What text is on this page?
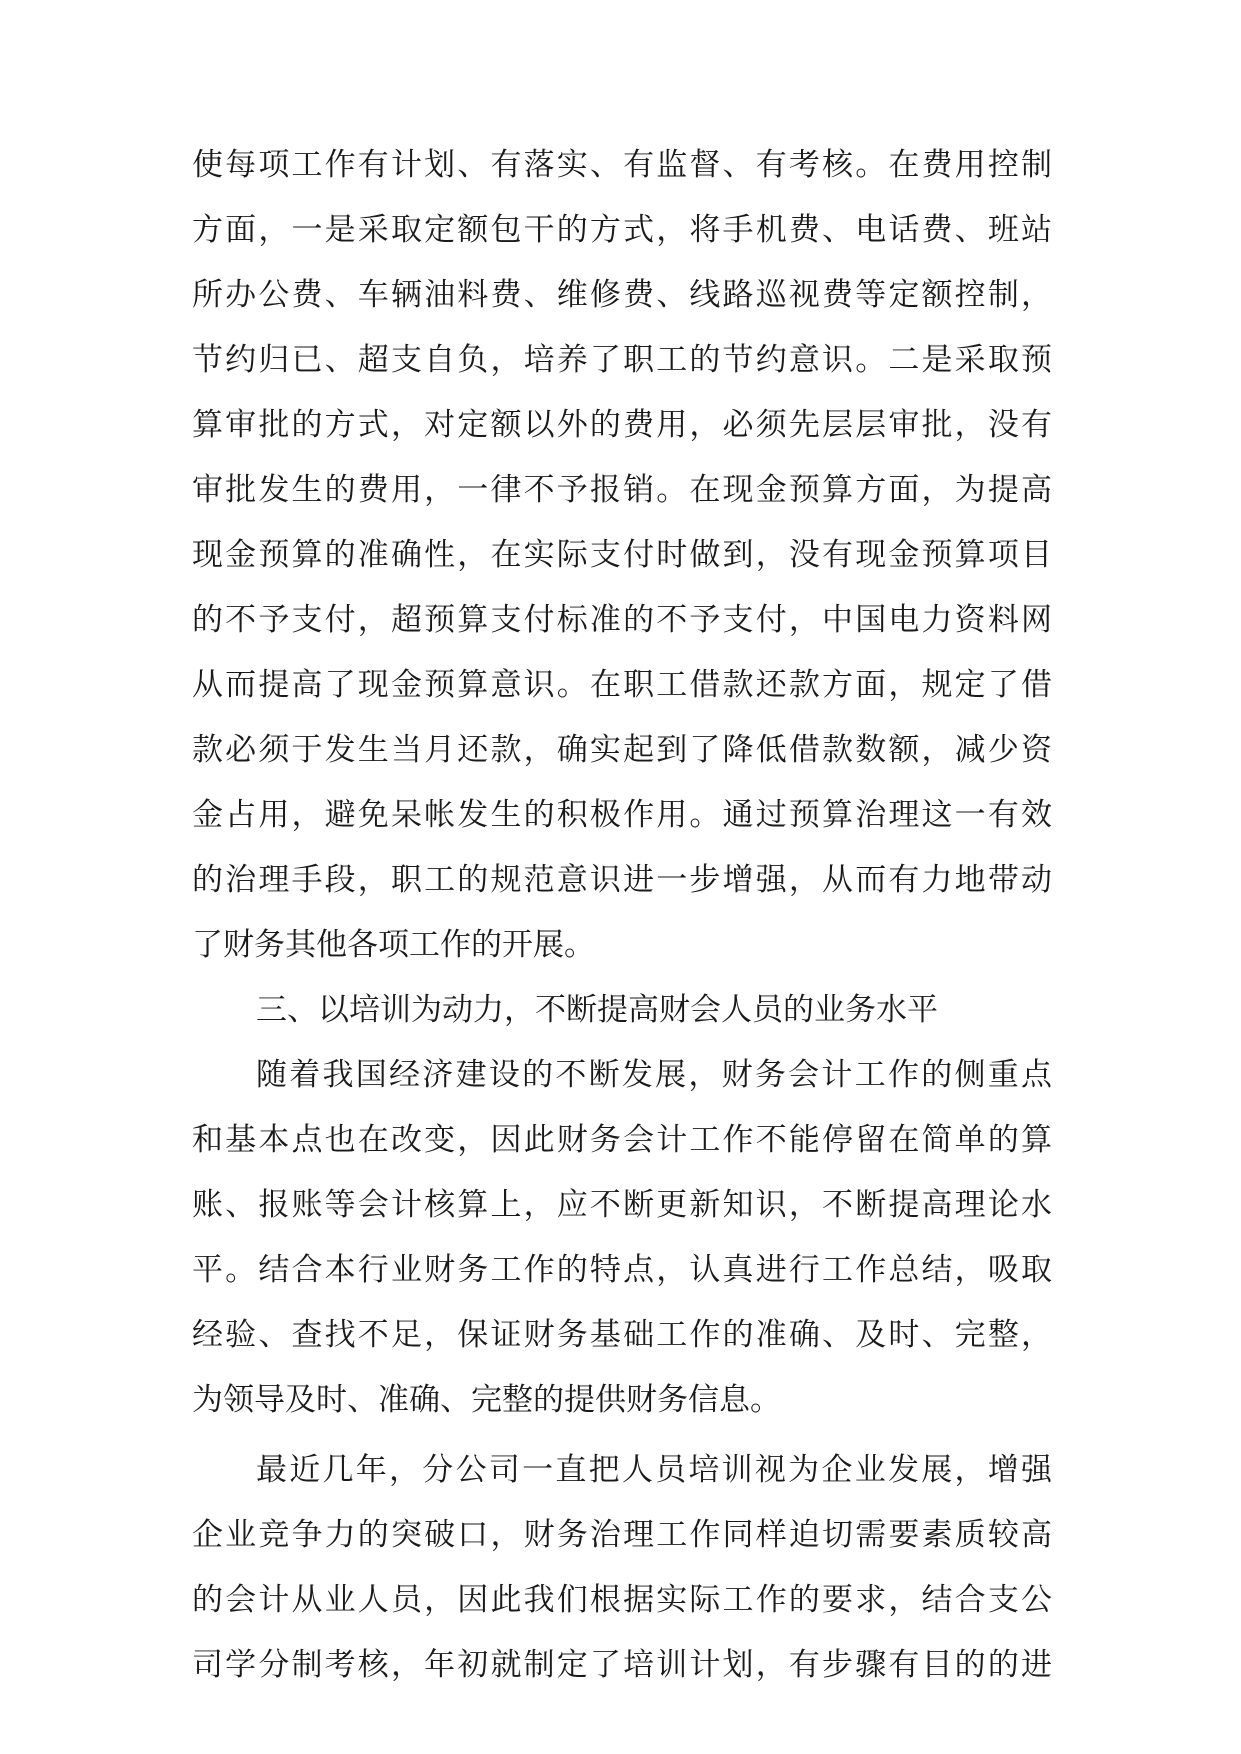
使每项工作有计划、有落实、有监督、有考核。在费用控制
方面，一是采取定额包干的方式，将手机费、电话费、班站
所办公费、车辆油料费、维修费、线路巡视费等定额控制，
节约归已、超支自负，培养了职工的节约意识。二是采取预
算审批的方式，对定额以外的费用，必须先层层审批，没有
审批发生的费用，一律不予报销。在现金预算方面，为提高
现金预算的准确性，在实际支付时做到，没有现金预算项目
的不予支付，超预算支付标准的不予支付，中国电力资料网
从而提高了现金预算意识。在职工借款还款方面，规定了借
款必须于发生当月还款，确实起到了降低借款数额，减少资
金占用，避免呆帐发生的积极作用。通过预算治理这一有效
的治理手段，职工的规范意识进一步增强，从而有力地带动
了财务其他各项工作的开展。
三、以培训为动力，不断提高财会人员的业务水平
随着我国经济建设的不断发展，财务会计工作的侧重点
和基本点也在改变，因此财务会计工作不能停留在简单的算
账、报账等会计核算上，应不断更新知识，不断提高理论水
平。结合本行业财务工作的特点，认真进行工作总结，吸取
经验、查找不足，保证财务基础工作的准确、及时、完整，
为领导及时、准确、完整的提供财务信息。
最近几年，分公司一直把人员培训视为企业发展，增强
企业竞争力的突破口，财务治理工作同样迫切需要素质较高
的会计从业人员，因此我们根据实际工作的要求，结合支公
司学分制考核，年初就制定了培训计划，有步骤有目的的进
